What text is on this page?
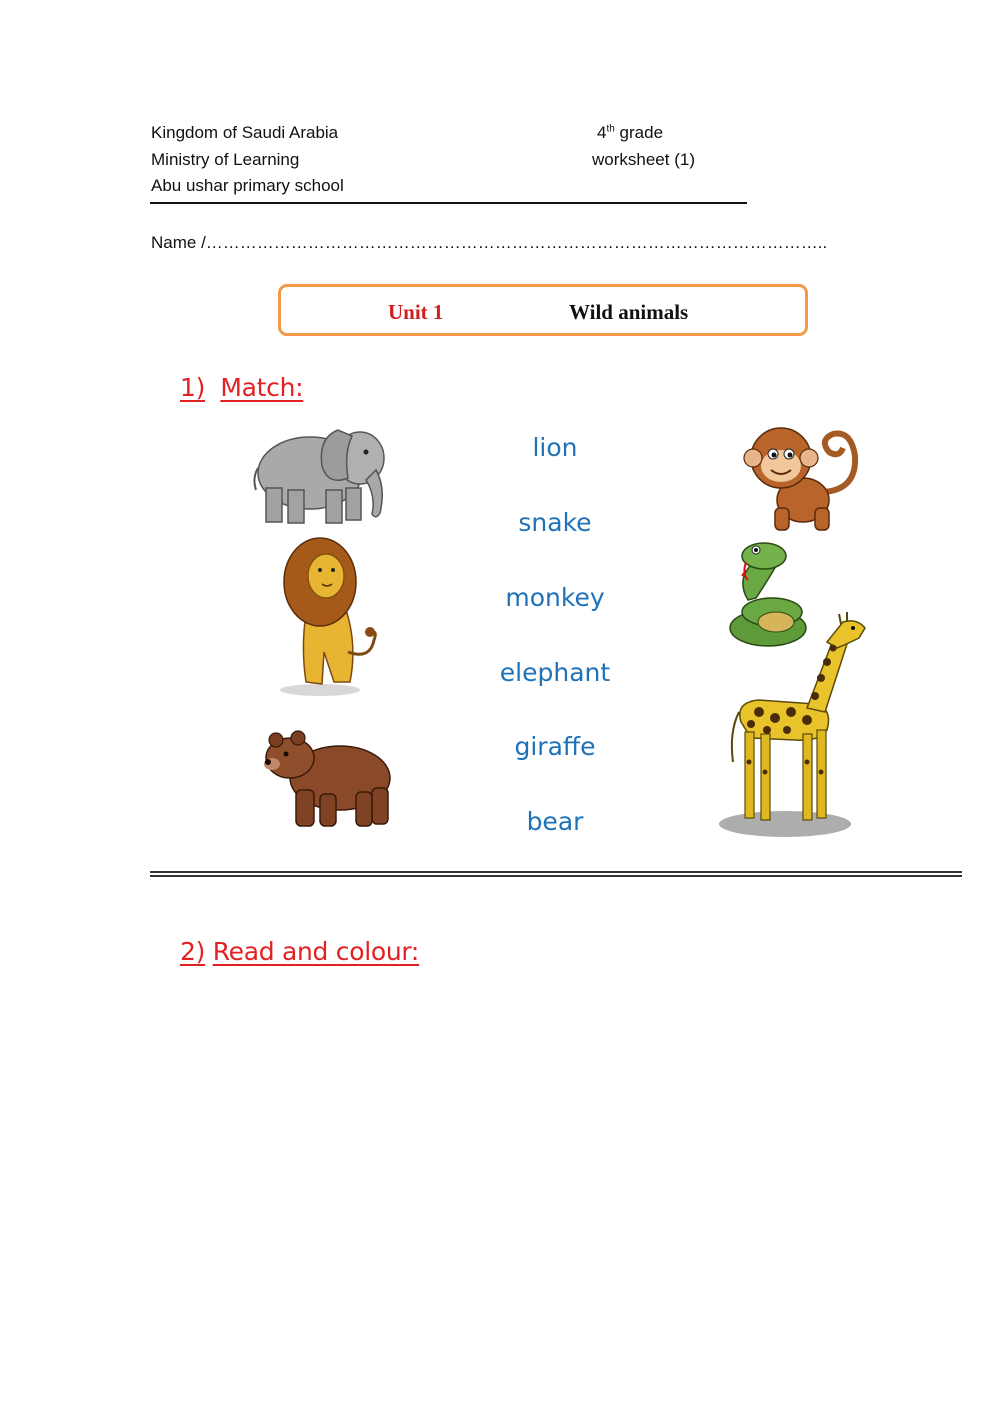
Kingdom of Saudi Arabia
Ministry of Learning
Abu ushar primary school
4th grade
worksheet (1)
Name /………………………………………………………………………………………………..
Unit 1	Wild animals
1) Match:
lion
snake
monkey
elephant
giraffe
bear
2) Read and colour:
